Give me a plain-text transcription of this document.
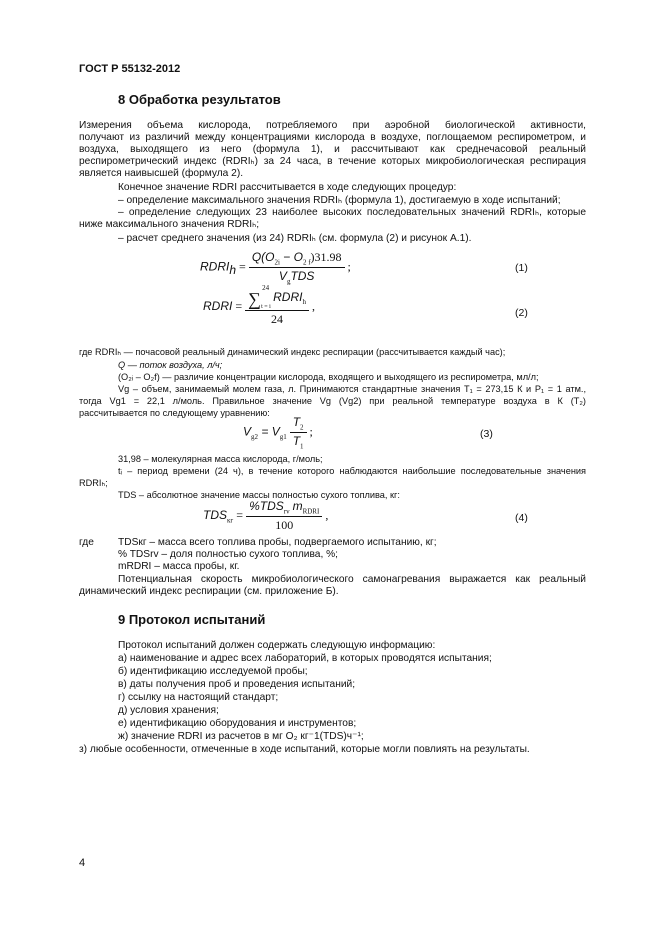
ГОСТ Р 55132-2012
8 Обработка результатов
Измерения объема кислорода, потребляемого при аэробной биологической активности,
получают из различий между концентрациями кислорода в воздухе, поглощаемом респирометром, и
воздуха, выходящего из него (формула 1), и рассчитывают как среднечасовой реальный
респирометрический индекс (RDRIₕ) за 24 часа, в течение которых микробиологическая респирация
является наивысшей (формула 2).
Конечное значение RDRI рассчитывается в ходе следующих процедур:
– определение максимального значения RDRIₕ (формула 1), достигаемую в ходе испытаний;
– определение следующих 23 наиболее высоких последовательных значений RDRIₕ, которые
ниже максимального значения RDRIₕ;
– расчет среднего значения (из 24) RDRIₕ (см. формула (2) и рисунок А.1).
$RDRI_h = \frac{Q(O_{2i} - O_{2 f})31.98}{V_gTDS}$ ;	(1)
RDRI = ∑
24
t = i
$RDRI_h$
24 ,
(2)
где RDRIₕ — почасовой реальный динамический индекс респирации (рассчитывается каждый час);
Q — поток воздуха, л/ч;
(O₂ᵢ – O₂f) — различие концентрации кислорода, входящего и выходящего из респирометра, мл/л;
Vg – объем, занимаемый молем газа, л. Принимаются стандартные значения T₁ = 273,15 К и P₁ = 1 атм.,
тогда Vg1 = 22,1 л/моль. Правильное значение Vg (Vg2) при реальной температуре воздуха в К (T₂)
рассчитывается по следующему уравнению:
$V_{g2} = V_{g1} \frac{T_2}{T_1}$ ;	(3)
31,98 – молекулярная масса кислорода, г/моль;
tᵢ – период времени (24 ч), в течение которого наблюдаются наибольшие последовательные значения
RDRIₕ;
TDS – абсолютное значение массы полностью сухого топлива, кг:
$TDS_{кг} = \frac{\%TDS_{rv} m_{RDRI}}{100}$ ,	(4)
где TDSкг – масса всего топлива пробы, подвергаемого испытанию, кг;
% TDSrv – доля полностью сухого топлива, %;
mRDRI – масса пробы, кг.
Потенциальная скорость микробиологического самонагревания выражается как реальный
динамический индекс респирации (см. приложение Б).
9 Протокол испытаний
Протокол испытаний должен содержать следующую информацию:
а) наименование и адрес всех лабораторий, в которых проводятся испытания;
б) идентификацию исследуемой пробы;
в) даты получения проб и проведения испытаний;
г) ссылку на настоящий стандарт;
д) условия хранения;
е) идентификацию оборудования и инструментов;
ж) значение RDRI из расчетов в мг O₂ кг⁻1(TDS)ч⁻¹;
з) любые особенности, отмеченные в ходе испытаний, которые могли повлиять на результаты.
4
